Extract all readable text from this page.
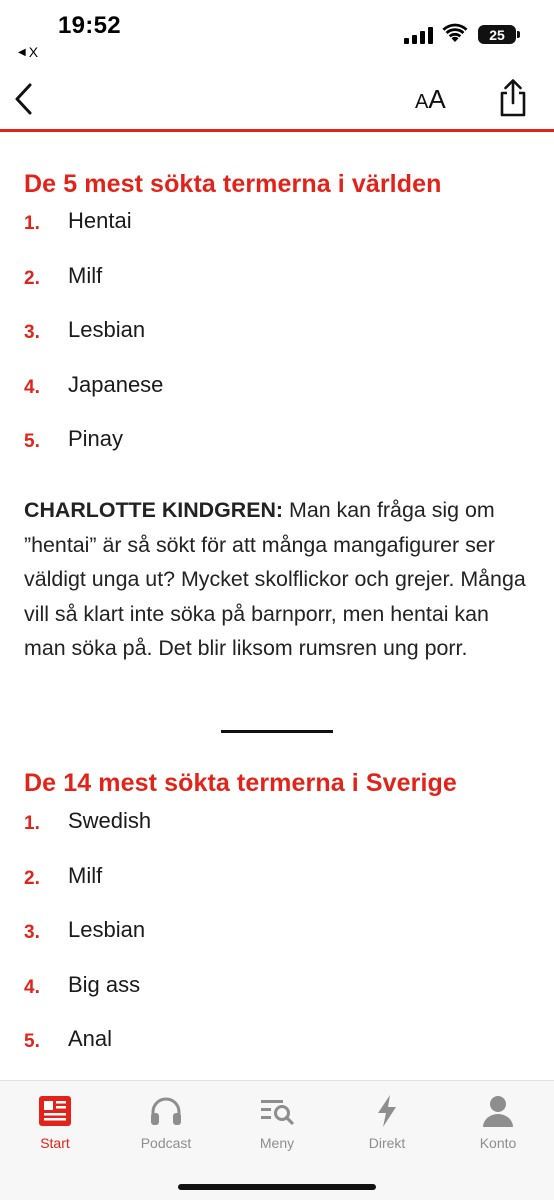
19:52
◀ X
25
AA
De 5 mest sökta termerna i världen
1.	Hentai
2.	Milf
3.	Lesbian
4.	Japanese
5.	Pinay
CHARLOTTE KINDGREN: Man kan fråga sig om ”hentai” är så sökt för att många mangafigurer ser väldigt unga ut? Mycket skolflickor och grejer. Många vill så klart inte söka på barnporr, men hentai kan man söka på. Det blir liksom rumsren ung porr.
De 14 mest sökta termerna i Sverige
1.	Swedish
2.	Milf
3.	Lesbian
4.	Big ass
5.	Anal
Start	Podcast	Meny	Direkt	Konto
